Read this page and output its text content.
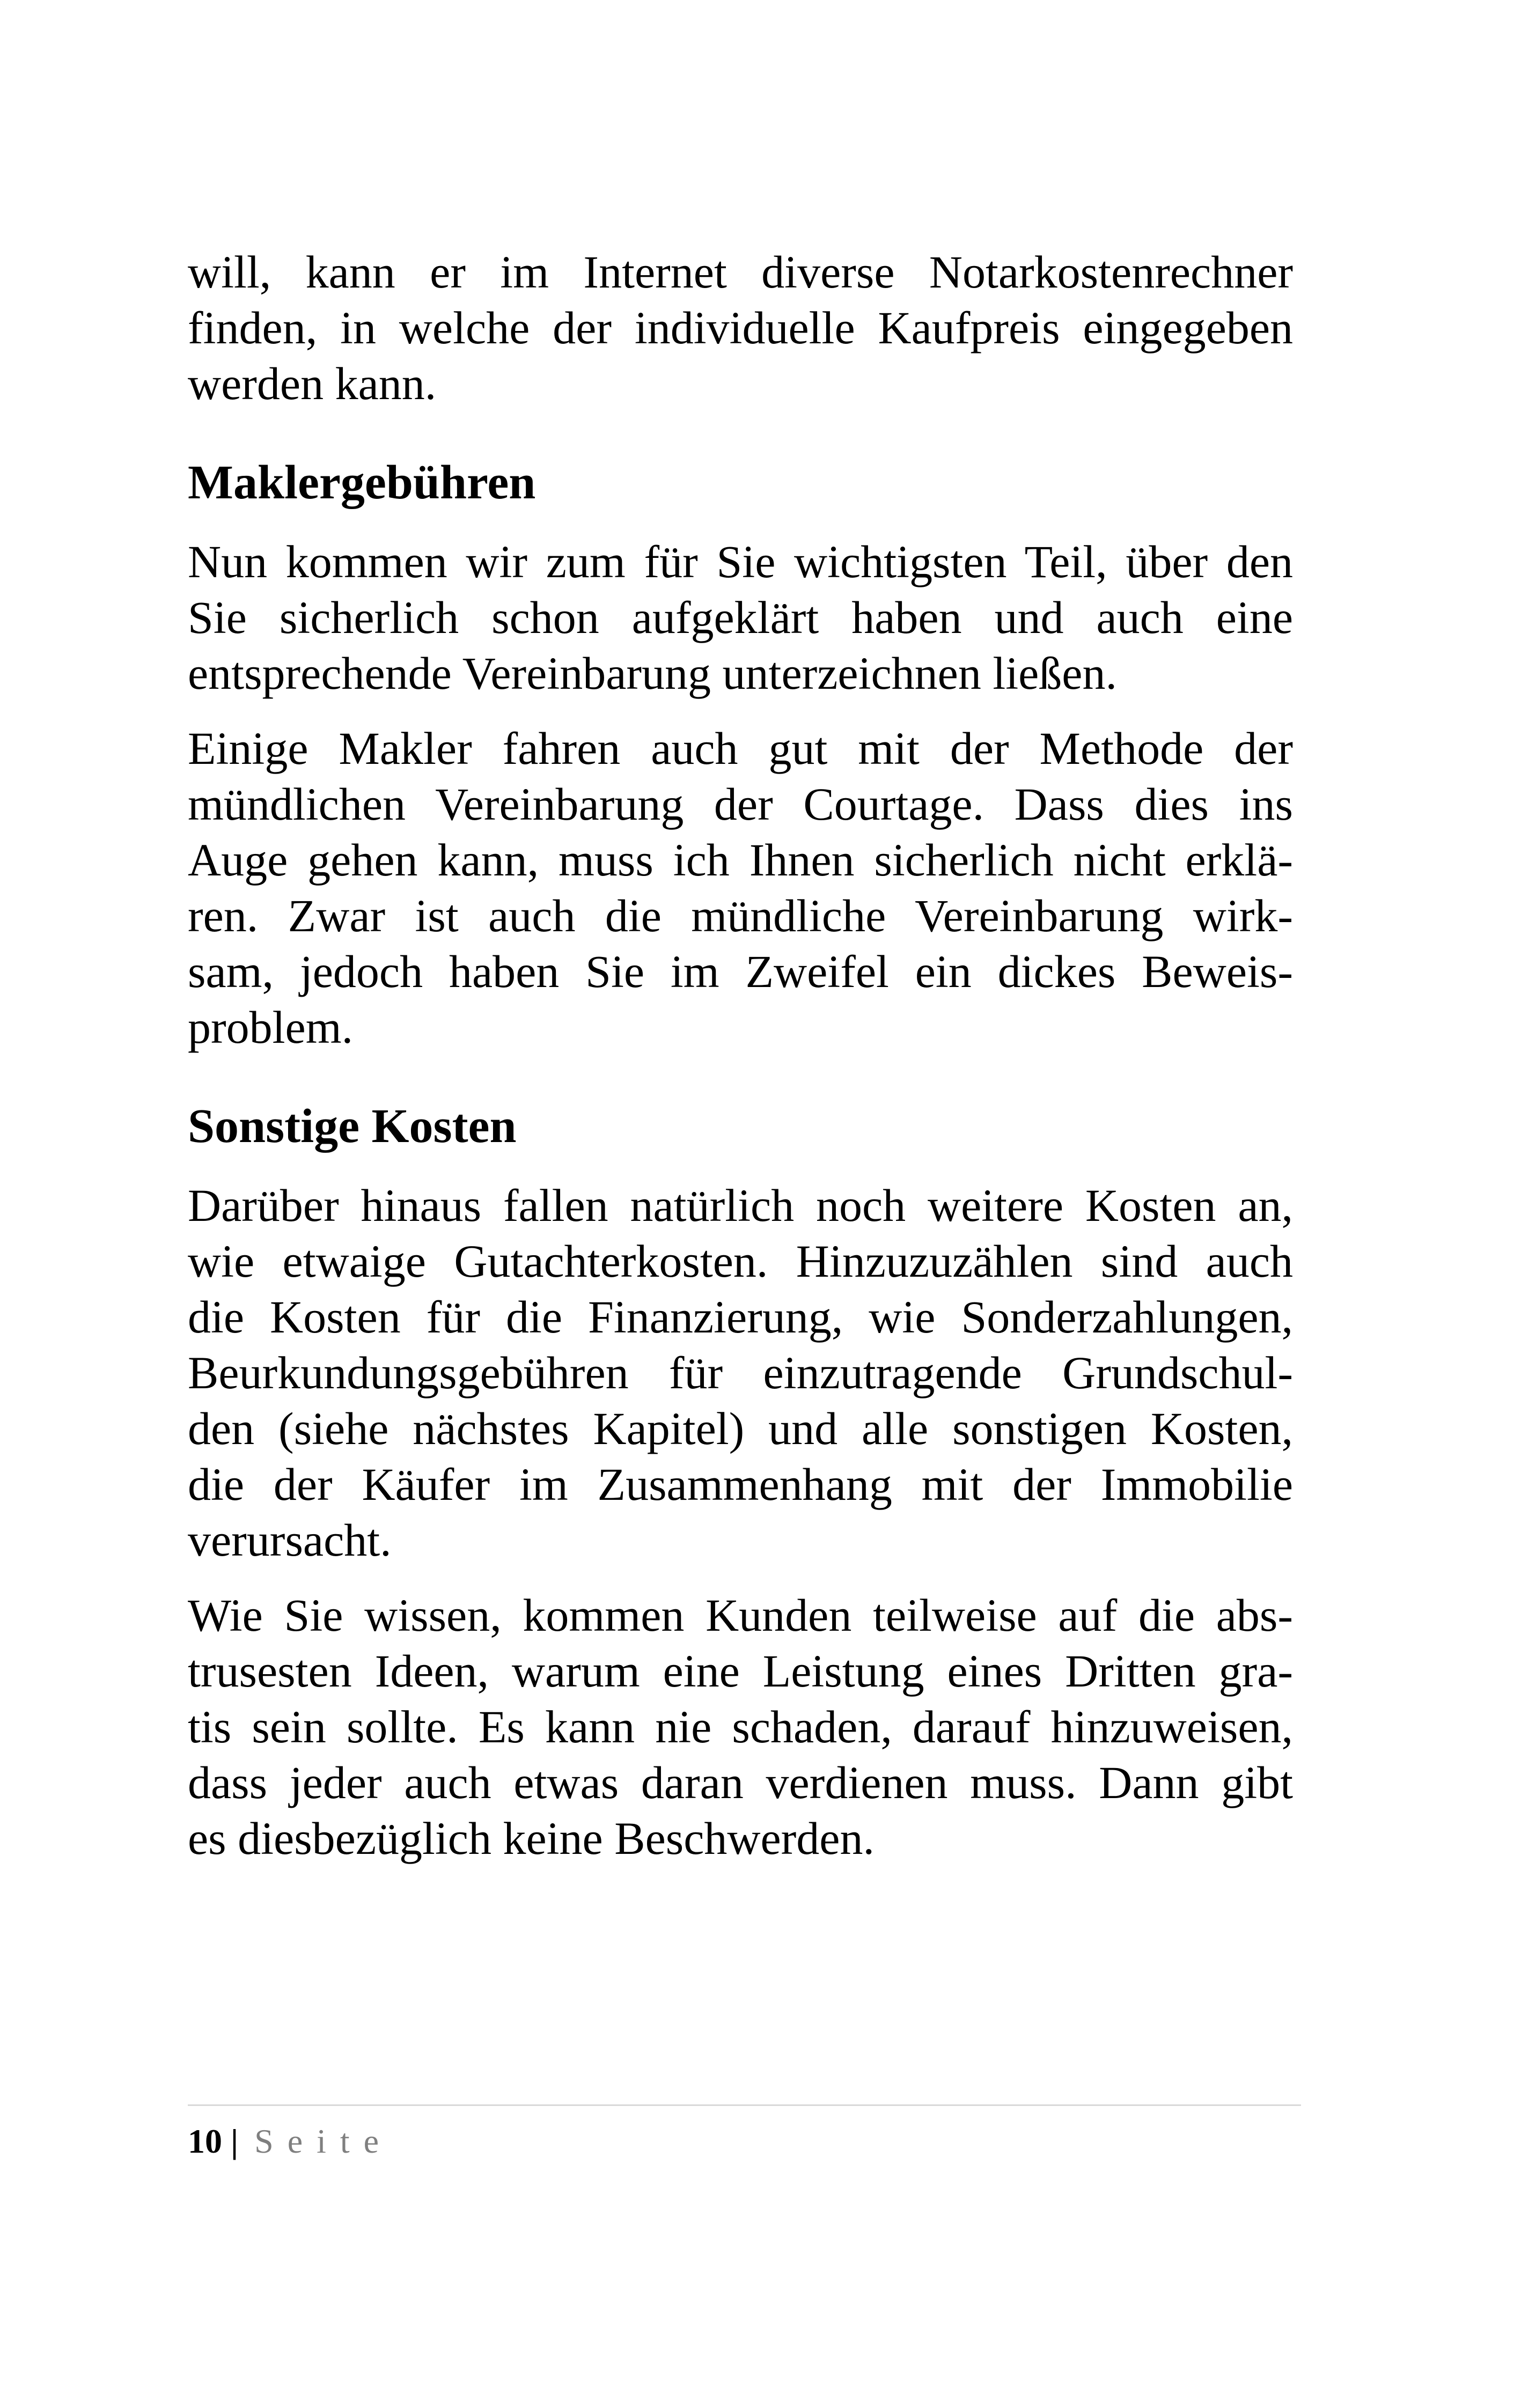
will, kann er im Internet diverse Notarkostenrechner
finden, in welche der individuelle Kaufpreis eingegeben
werden kann.

Maklergebühren

Nun kommen wir zum für Sie wichtigsten Teil, über den
Sie sicherlich schon aufgeklärt haben und auch eine
entsprechende Vereinbarung unterzeichnen ließen.

Einige Makler fahren auch gut mit der Methode der
mündlichen Vereinbarung der Courtage. Dass dies ins
Auge gehen kann, muss ich Ihnen sicherlich nicht erklä-
ren. Zwar ist auch die mündliche Vereinbarung wirk-
sam, jedoch haben Sie im Zweifel ein dickes Beweis-
problem.

Sonstige Kosten

Darüber hinaus fallen natürlich noch weitere Kosten an,
wie etwaige Gutachterkosten. Hinzuzuzählen sind auch
die Kosten für die Finanzierung, wie Sonderzahlungen,
Beurkundungsgebühren für einzutragende Grundschul-
den (siehe nächstes Kapitel) und alle sonstigen Kosten,
die der Käufer im Zusammenhang mit der Immobilie
verursacht.

Wie Sie wissen, kommen Kunden teilweise auf die abs-
trusesten Ideen, warum eine Leistung eines Dritten gra-
tis sein sollte. Es kann nie schaden, darauf hinzuweisen,
dass jeder auch etwas daran verdienen muss. Dann gibt
es diesbezüglich keine Beschwerden.

10 | Seite
